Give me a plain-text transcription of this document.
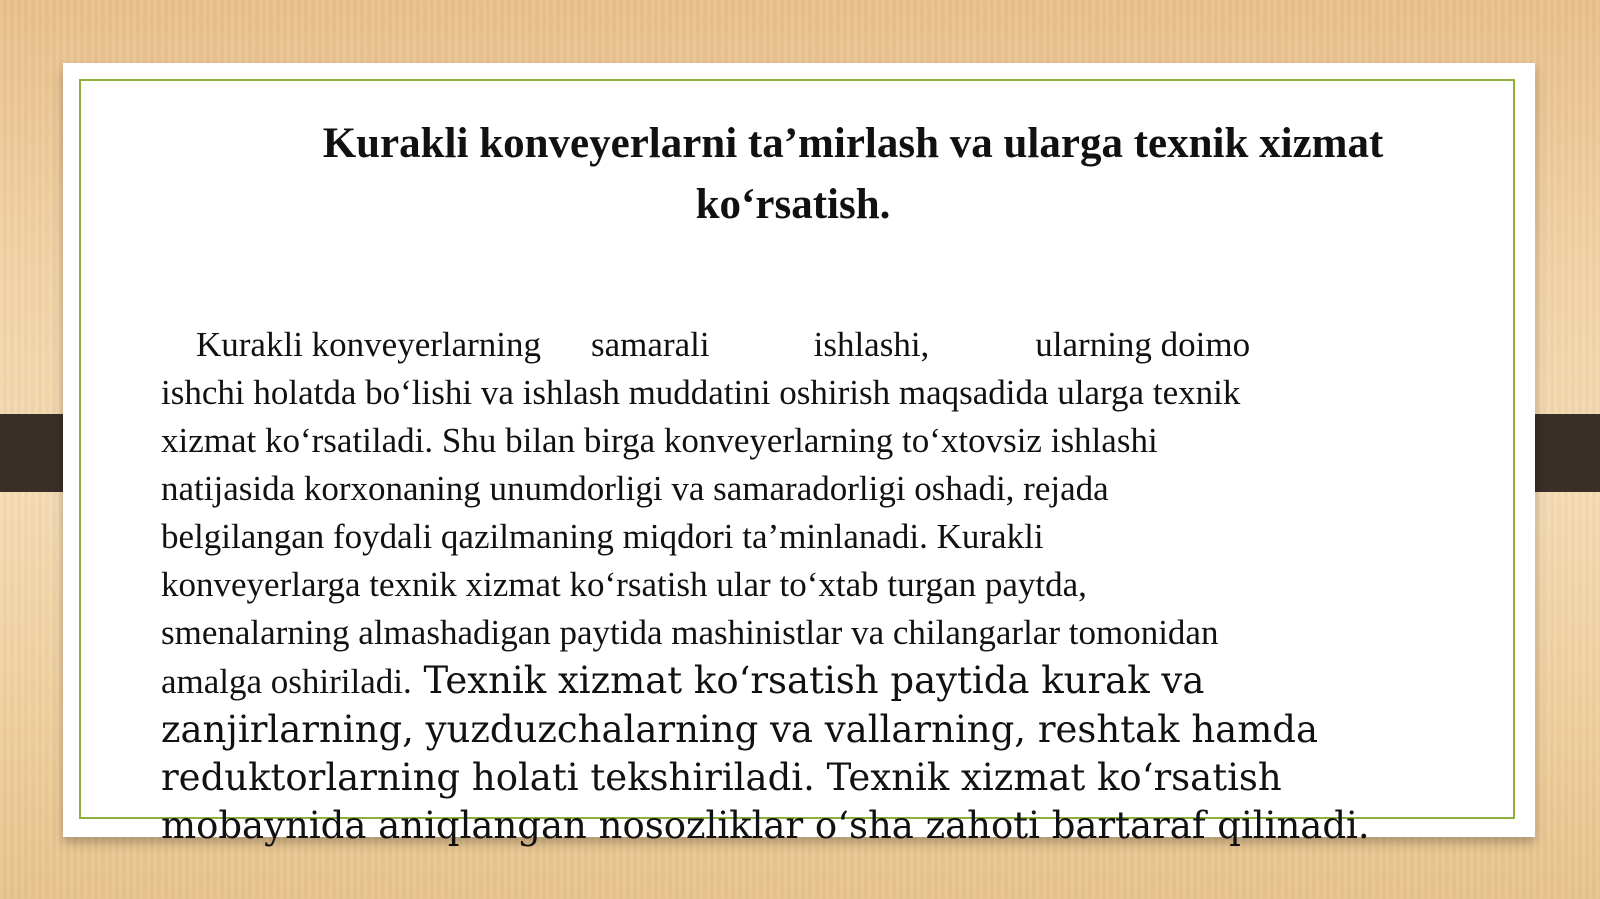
Kurakli konveyerlarni ta’mirlash va ularga texnik xizmat
ko‘rsatish.
Kurakli konveyerlarning samarali	ishlashi,	ularning doimo
ishchi holatda bo‘lishi va ishlash muddatini oshirish maqsadida ularga texnik
xizmat ko‘rsatiladi. Shu bilan birga konveyerlarning to‘xtovsiz ishlashi
natijasida korxonaning unumdorligi va samaradorligi oshadi, rejada
belgilangan foydali qazilmaning miqdori ta’minlanadi. Kurakli
konveyerlarga texnik xizmat ko‘rsatish ular to‘xtab turgan paytda,
smenalarning almashadigan paytida mashinistlar va chilangarlar tomonidan
amalga oshiriladi. Texnik xizmat ko‘rsatish paytida kurak va
zanjirlarning, yuzduzchalarning va vallarning, reshtak hamda
reduktorlarning holati tekshiriladi. Texnik xizmat ko‘rsatish
mobaynida aniqlangan nosozliklar o‘sha zahoti bartaraf qilinadi.
